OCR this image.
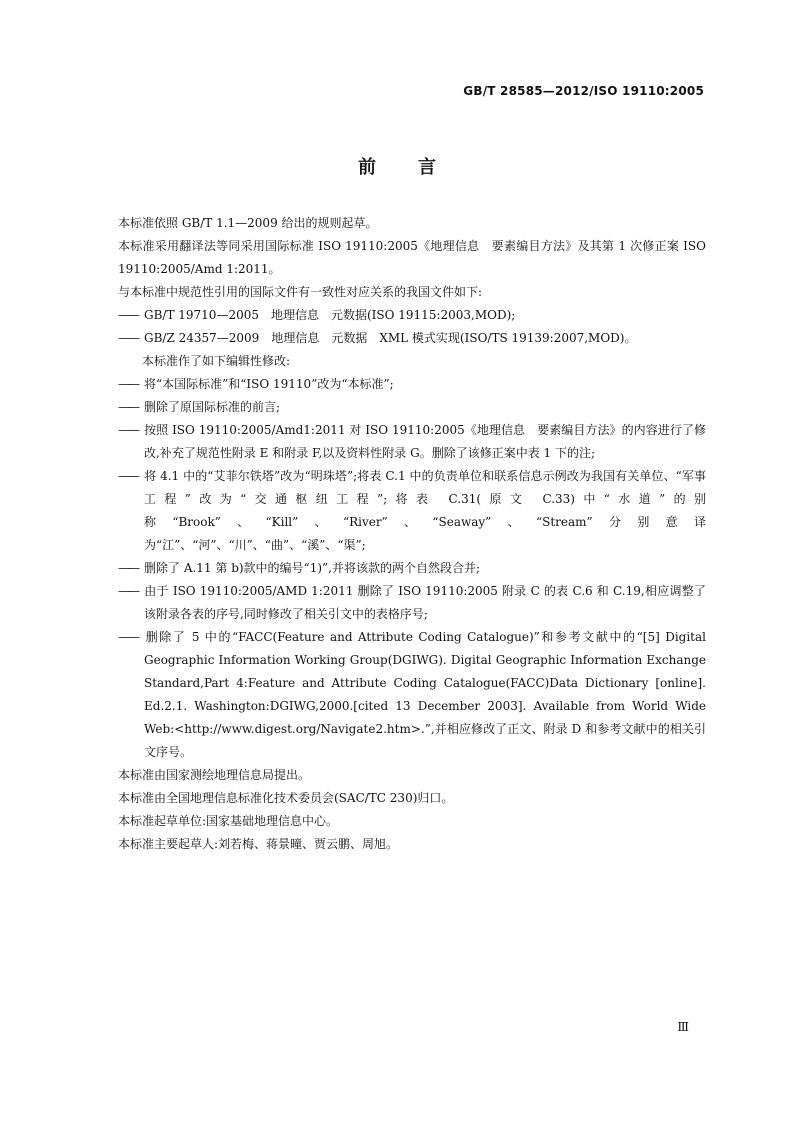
GB/T 28585—2012/ISO 19110:2005
前言

本标准依照 GB/T 1.1—2009 给出的规则起草。

本标准采用翻译法等同采用国际标准 ISO 19110:2005《地理信息　要素编目方法》及其第 1 次修正案 ISO 19110:2005/Amd 1:2011。

与本标准中规范性引用的国际文件有一致性对应关系的我国文件如下:

—— GB/T 19710—2005　地理信息　元数据(ISO 19115:2003,MOD);

—— GB/Z 24357—2009　地理信息　元数据　XML 模式实现(ISO/TS 19139:2007,MOD)。

本标准作了如下编辑性修改:

—— 将“本国际标准”和“ISO 19110”改为“本标准”;

—— 删除了原国际标准的前言;

—— 按照 ISO 19110:2005/Amd1:2011 对 ISO 19110:2005《地理信息　要素编目方法》的内容进行了修改,补充了规范性附录 E 和附录 F,以及资料性附录 G。删除了该修正案中表 1 下的注;

—— 将 4.1 中的“艾菲尔铁塔”改为“明珠塔”;将表 C.1 中的负责单位和联系信息示例改为我国有关单位、“军事工程”改为“交通枢纽工程”;将表 C.31(原文 C.33)中“水道”的别称“Brook”、“Kill”、“River”、“Seaway”、“Stream”分别意译为“江”、“河”、“川”、“曲”、“溪”、“渠”;

—— 删除了 A.11 第 b)款中的编号“1)”,并将该款的两个自然段合并;

—— 由于 ISO 19110:2005/AMD 1:2011 删除了 ISO 19110:2005 附录 C 的表 C.6 和 C.19,相应调整了该附录各表的序号,同时修改了相关引文中的表格序号;

—— 删除了 5 中的“FACC(Feature and Attribute Coding Catalogue)”和参考文献中的“[5] Digital Geographic Information Working Group(DGIWG). Digital Geographic Information Exchange Standard,Part 4:Feature and Attribute Coding Catalogue(FACC)Data Dictionary [online]. Ed.2.1. Washington:DGIWG,2000.[cited 13 December 2003]. Available from World Wide Web:<http://www.digest.org/Navigate2.htm>.”,并相应修改了正文、附录 D 和参考文献中的相关引文序号。

本标准由国家测绘地理信息局提出。

本标准由全国地理信息标准化技术委员会(SAC/TC 230)归口。

本标准起草单位:国家基础地理信息中心。

本标准主要起草人:刘若梅、蒋景曈、贾云鹏、周旭。

Ⅲ
